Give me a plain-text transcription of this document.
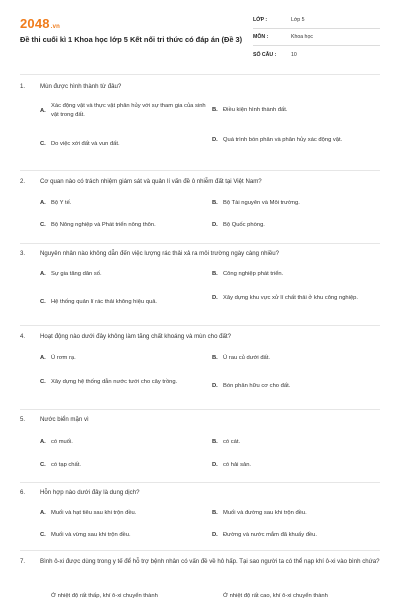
2048.vn
Đề thi cuối kì 1 Khoa học lớp 5 Kết nối tri thức có đáp án (Đề 3)
LỚP :	Lớp 5
MÔN :	Khoa học
SỐ CÂU :	10
1.	Mùn được hình thành từ đâu?
A.
Xác động vật và thực vật phân hủy với sự tham gia của sinh vật trong đất.
B. Điều kiện hình thành đất.
C. Do việc xới đất và vun đất.
D. Quá trình bón phân và phân hủy xác động vật.
2.	Cơ quan nào có trách nhiệm giám sát và quản lí vấn đề ô nhiễm đất tại Việt Nam?
A. Bộ Y tế.	B. Bộ Tài nguyên và Môi trường.
C. Bộ Nông nghiệp và Phát triển nông thôn.	D. Bộ Quốc phòng.
3.	Nguyên nhân nào không dẫn đến việc lượng rác thải xả ra môi trường ngày càng nhiều?
A. Sự gia tăng dân số.	B. Công nghiệp phát triển.
C. Hệ thống quản lí rác thải không hiệu quả.
D. Xây dựng khu vực xử lí chất thải ở khu công nghiệp.
4.	Hoạt động nào dưới đây không làm tăng chất khoáng và mùn cho đất?
A. Ủ rơm rạ.	B. Ủ rau củ dưới đất.
C. Xây dựng hệ thống dẫn nước tưới cho cây trồng.
D. Bón phân hữu cơ cho đất.
5.	Nước biển mặn vì
A. có muối.	B. có cát.
C. có tạp chất.	D. có hải sản.
6.	Hỗn hợp nào dưới đây là dung dịch?
A. Muối và hạt tiêu sau khi trộn đều.	B. Muối và đường sau khi trộn đều.
C. Muối và vừng sau khi trộn đều.	D. Đường và nước mắm đã khuấy đều.
7.	Bình ô-xi được dùng trong y tế để hỗ trợ bệnh nhân có vấn đề về hô hấp. Tại sao người ta có thể nạp khí ô-xi vào bình chứa?
Ở nhiệt độ rất thấp, khí ô-xi chuyển thành	Ở nhiệt độ rất cao, khí ô-xi chuyển thành
